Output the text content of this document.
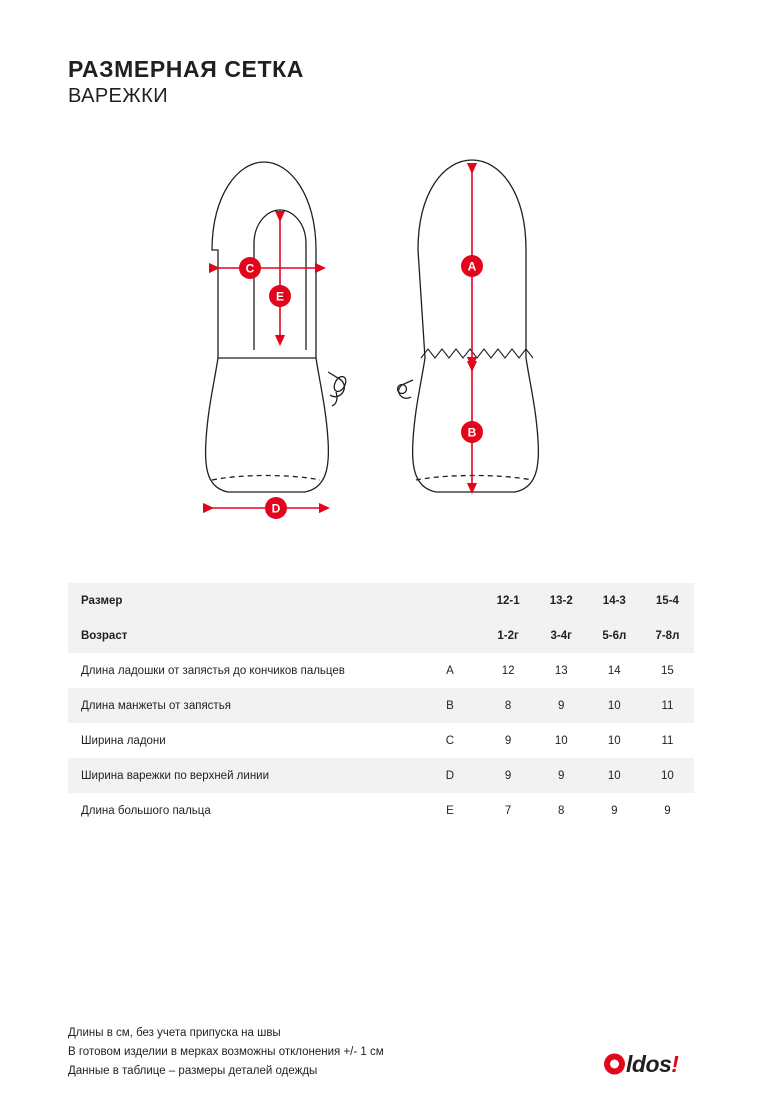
РАЗМЕРНАЯ СЕТКА
ВАРЕЖКИ
C
E
D
A
B
Размер		12-1	13-2	14-3	15-4
Возраст		1-2г	3-4г	5-6л	7-8л
Длина ладошки от запястья до кончиков пальцев	A	12	13	14	15
Длина манжеты от запястья	B	8	9	10	11
Ширина ладони	C	9	10	10	11
Ширина варежки по верхней линии	D	9	9	10	10
Длина большого пальца	E	7	8	9	9
Длины в см, без учета припуска на швы
В готовом изделии в мерках возможны отклонения +/- 1 см
Данные в таблице – размеры деталей одежды	ldos!
